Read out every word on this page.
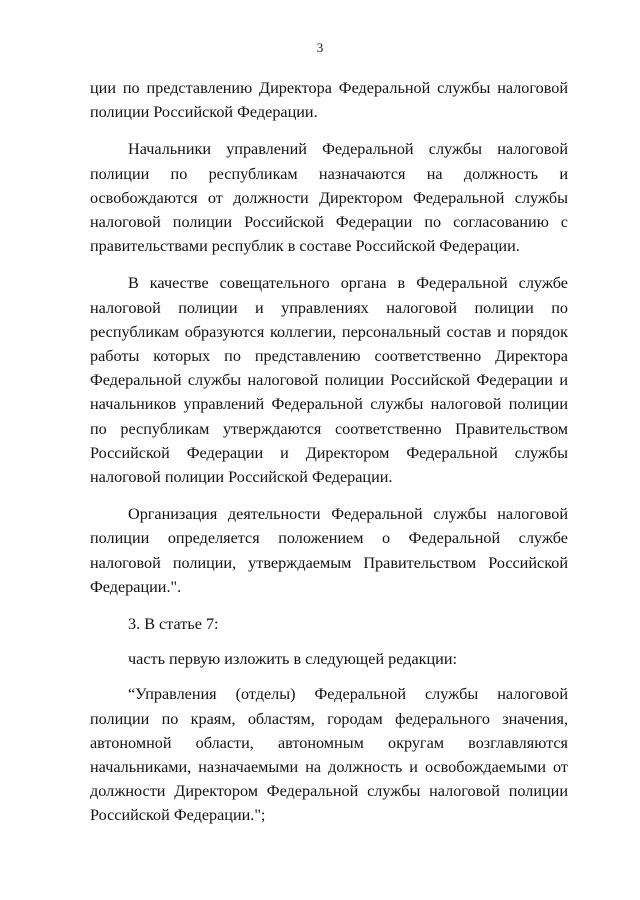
3

ции по представлению Директора Федеральной службы налоговой полиции Российской Федерации.

Начальники управлений Федеральной службы налоговой полиции по республикам назначаются на должность и освобождаются от должности Директором Федеральной службы налоговой полиции Российской Федерации по согласованию с правительствами республик в составе Российской Федерации.

В качестве совещательного органа в Федеральной службе налоговой полиции и управлениях налоговой полиции по республикам образуются коллегии, персональный состав и порядок работы которых по представлению соответственно Директора Федеральной службы налоговой полиции Российской Федерации и начальников управлений Федеральной службы налоговой полиции по республикам утверждаются соответственно Правительством Российской Федерации и Директором Федеральной службы налоговой полиции Российской Федерации.

Организация деятельности Федеральной службы налоговой полиции определяется положением о Федеральной службе налоговой полиции, утверждаемым Правительством Российской Федерации.".

3. В статье 7:

часть первую изложить в следующей редакции:

“Управления (отделы) Федеральной службы налоговой полиции по краям, областям, городам федерального значения, автономной области, автономным округам возглавляются начальниками, назначаемыми на должность и освобождаемыми от должности Директором Федеральной службы налоговой полиции Российской Федерации.";
